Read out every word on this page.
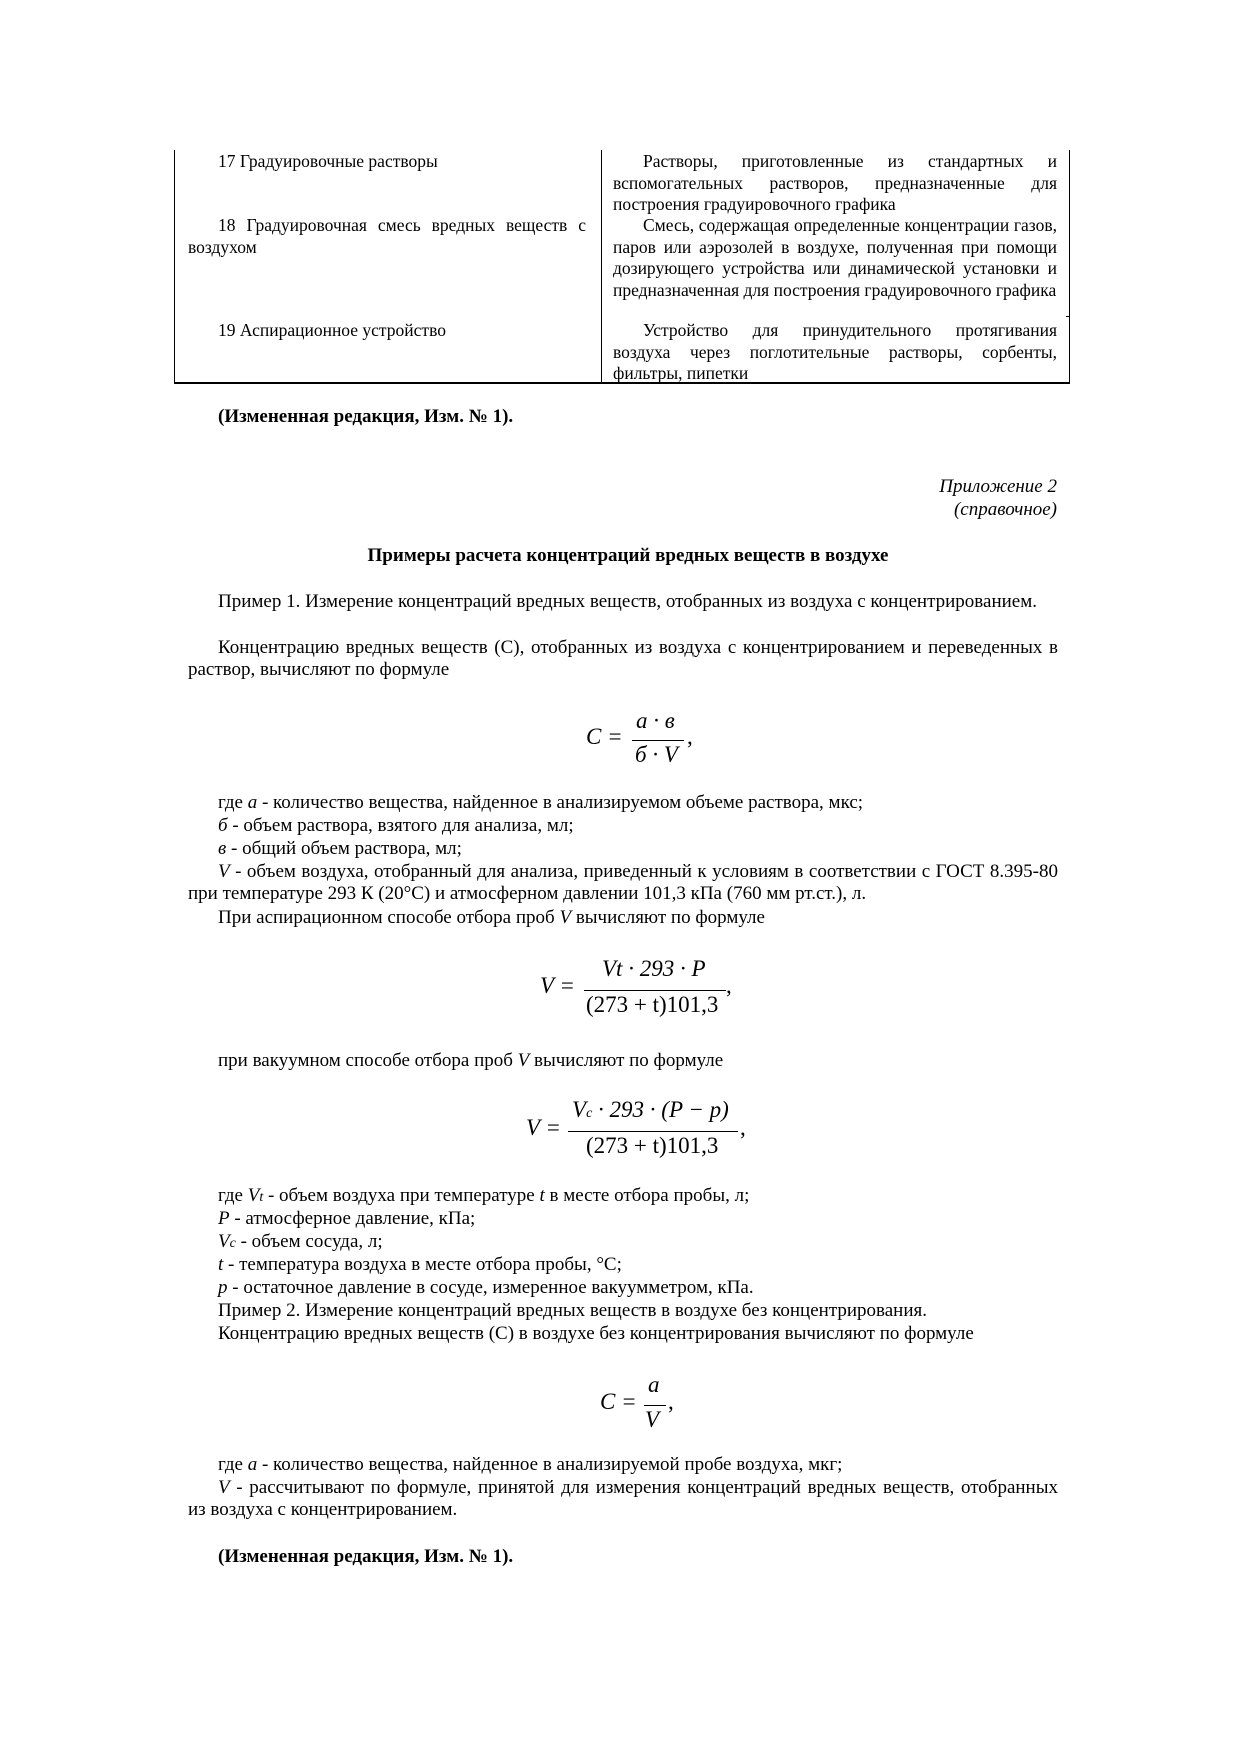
17 Градуировочные растворы	Растворы, приготовленные из стандартных и вспомогательных растворов, предназначенные для построения градуировочного графика
18 Градуировочная смесь вредных веществ с воздухом
Смесь, содержащая определенные концентрации газов, паров или аэрозолей в воздухе, полученная при помощи дозирующего устройства или динамической установки и предназначенная для построения градуировочного графика
19 Аспирационное устройство	Устройство для принудительного протягивания воздуха через поглотительные растворы, сорбенты, фильтры, пипетки
(Измененная редакция, Изм. № 1).
Приложение 2
(справочное)
Примеры расчета концентраций вредных веществ в воздухе
Пример 1. Измерение концентраций вредных веществ, отобранных из воздуха с концентрированием.
Концентрацию вредных веществ (С), отобранных из воздуха с концентрированием и переведенных в раствор, вычисляют по формуле
C =
а · в
б · V
,
где а - количество вещества, найденное в анализируемом объеме раствора, мкс;
б - объем раствора, взятого для анализа, мл;
в - общий объем раствора, мл;
V - объем воздуха, отобранный для анализа, приведенный к условиям в соответствии с ГОСТ 8.395-80 при температуре 293 К (20°С) и атмосферном давлении 101,3 кПа (760 мм рт.ст.), л.
При аспирационном способе отбора проб V вычисляют по формуле
V =
Vt · 293 · P
(273 + t)101,3
,
при вакуумном способе отбора проб V вычисляют по формуле
V =
Vc · 293 · (P − p)
(273 + t)101,3
,
где Vt - объем воздуха при температуре t в месте отбора пробы, л;
P - атмосферное давление, кПа;
Vc - объем сосуда, л;
t - температура воздуха в месте отбора пробы, °С;
p - остаточное давление в сосуде, измеренное вакуумметром, кПа.
Пример 2. Измерение концентраций вредных веществ в воздухе без концентрирования.
Концентрацию вредных веществ (С) в воздухе без концентрирования вычисляют по формуле
C =
a
V
,
где а - количество вещества, найденное в анализируемой пробе воздуха, мкг;
V - рассчитывают по формуле, принятой для измерения концентраций вредных веществ, отобранных из воздуха с концентрированием.
(Измененная редакция, Изм. № 1).
